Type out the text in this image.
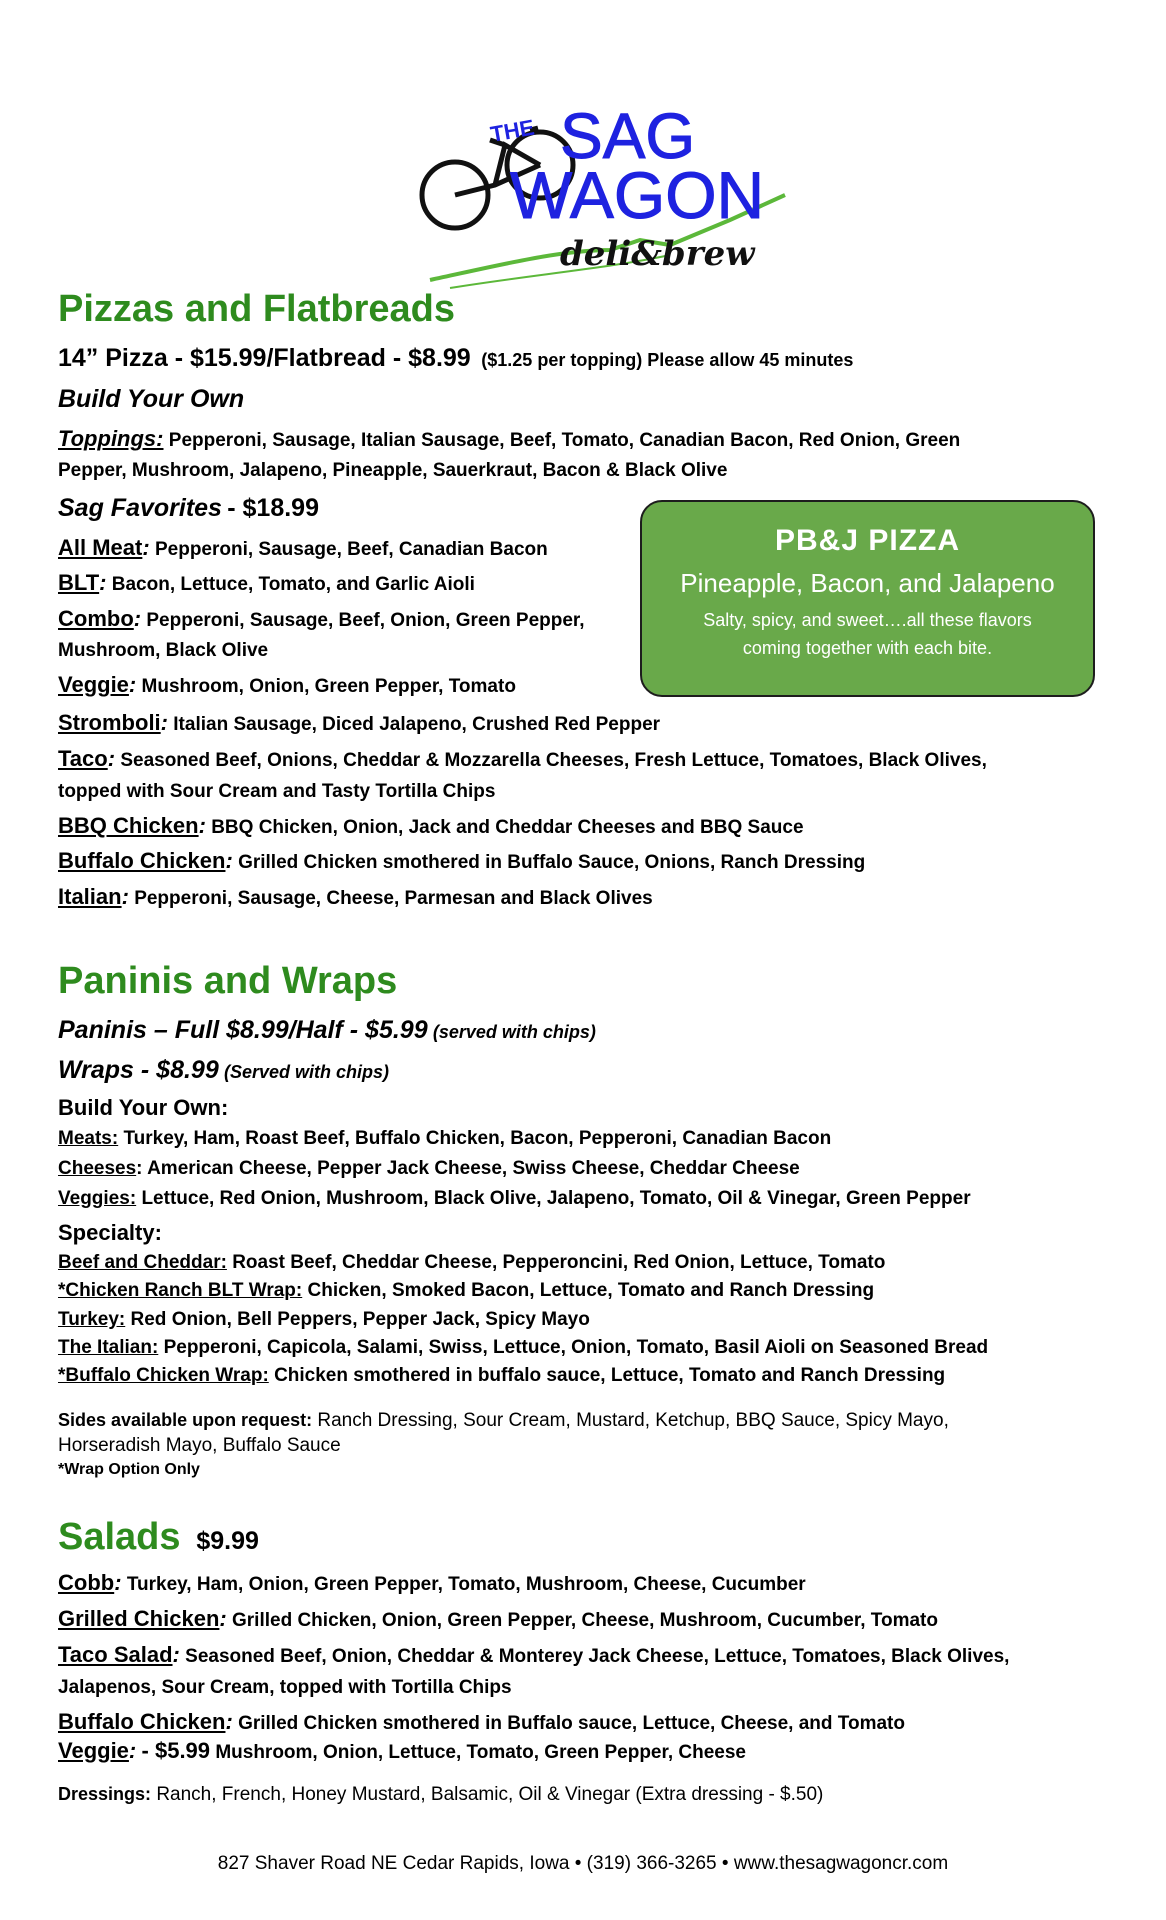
THE SAG
WAGON
deli&brew
Pizzas and Flatbreads
14” Pizza - $15.99/Flatbread - $8.99 ($1.25 per topping) Please allow 45 minutes
Build Your Own
Toppings: Pepperoni, Sausage, Italian Sausage, Beef, Tomato, Canadian Bacon, Red Onion, Green
Pepper, Mushroom, Jalapeno, Pineapple, Sauerkraut, Bacon & Black Olive
Sag Favorites - $18.99
All Meat: Pepperoni, Sausage, Beef, Canadian Bacon
BLT: Bacon, Lettuce, Tomato, and Garlic Aioli
Combo: Pepperoni, Sausage, Beef, Onion, Green Pepper,
Mushroom, Black Olive
Veggie: Mushroom, Onion, Green Pepper, Tomato
Stromboli: Italian Sausage, Diced Jalapeno, Crushed Red Pepper
Taco: Seasoned Beef, Onions, Cheddar & Mozzarella Cheeses, Fresh Lettuce, Tomatoes, Black Olives,
topped with Sour Cream and Tasty Tortilla Chips
BBQ Chicken: BBQ Chicken, Onion, Jack and Cheddar Cheeses and BBQ Sauce
Buffalo Chicken: Grilled Chicken smothered in Buffalo Sauce, Onions, Ranch Dressing
Italian: Pepperoni, Sausage, Cheese, Parmesan and Black Olives
PB&J PIZZA
Pineapple, Bacon, and Jalapeno
Salty, spicy, and sweet….all these flavors
coming together with each bite.
Paninis and Wraps
Paninis – Full $8.99/Half - $5.99 (served with chips)
Wraps - $8.99 (Served with chips)
Build Your Own:
Meats: Turkey, Ham, Roast Beef, Buffalo Chicken, Bacon, Pepperoni, Canadian Bacon
Cheeses: American Cheese, Pepper Jack Cheese, Swiss Cheese, Cheddar Cheese
Veggies: Lettuce, Red Onion, Mushroom, Black Olive, Jalapeno, Tomato, Oil & Vinegar, Green Pepper
Specialty:
Beef and Cheddar: Roast Beef, Cheddar Cheese, Pepperoncini, Red Onion, Lettuce, Tomato
*Chicken Ranch BLT Wrap: Chicken, Smoked Bacon, Lettuce, Tomato and Ranch Dressing
Turkey: Red Onion, Bell Peppers, Pepper Jack, Spicy Mayo
The Italian: Pepperoni, Capicola, Salami, Swiss, Lettuce, Onion, Tomato, Basil Aioli on Seasoned Bread
*Buffalo Chicken Wrap: Chicken smothered in buffalo sauce, Lettuce, Tomato and Ranch Dressing
Sides available upon request: Ranch Dressing, Sour Cream, Mustard, Ketchup, BBQ Sauce, Spicy Mayo,
Horseradish Mayo, Buffalo Sauce
*Wrap Option Only
Salads $9.99
Cobb: Turkey, Ham, Onion, Green Pepper, Tomato, Mushroom, Cheese, Cucumber
Grilled Chicken: Grilled Chicken, Onion, Green Pepper, Cheese, Mushroom, Cucumber, Tomato
Taco Salad: Seasoned Beef, Onion, Cheddar & Monterey Jack Cheese, Lettuce, Tomatoes, Black Olives,
Jalapenos, Sour Cream, topped with Tortilla Chips
Buffalo Chicken: Grilled Chicken smothered in Buffalo sauce, Lettuce, Cheese, and Tomato
Veggie: - $5.99 Mushroom, Onion, Lettuce, Tomato, Green Pepper, Cheese
Dressings: Ranch, French, Honey Mustard, Balsamic, Oil & Vinegar (Extra dressing - $.50)
827 Shaver Road NE Cedar Rapids, Iowa • (319) 366-3265 • www.thesagwagoncr.com
